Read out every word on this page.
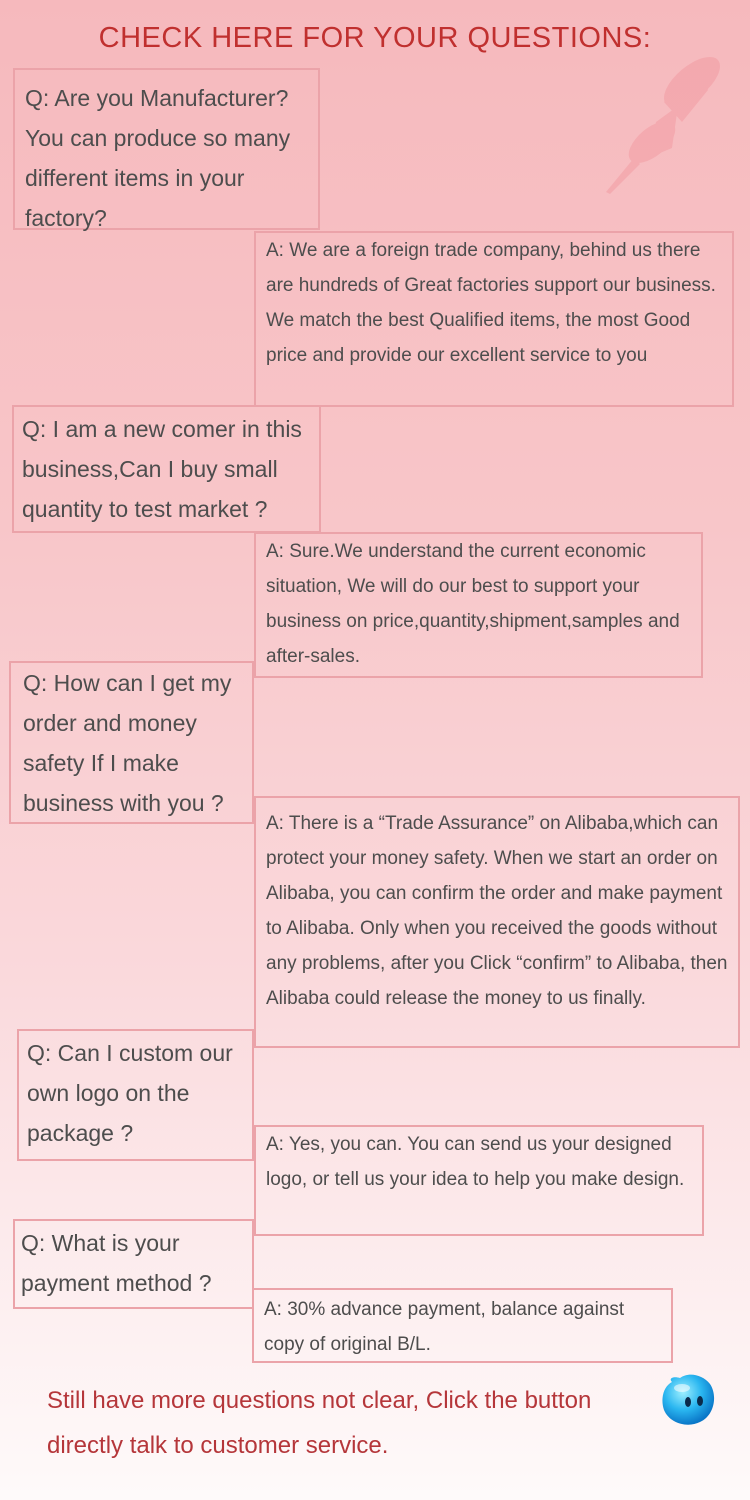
CHECK HERE FOR YOUR QUESTIONS:
Q: Are you Manufacturer? You can produce so many different items in your factory?
A: We are a foreign trade company, behind us there are hundreds of Great factories support our business. We match the best Qualified items, the most Good price and provide our excellent service to you
Q: I am a new comer in this business,Can I buy small quantity to test market ?
A: Sure.We understand the current economic situation, We will do our best to support your business on price,quantity,shipment,samples and after-sales.
Q: How can I get my order and money safety If I make business with you ?
A: There is a “Trade Assurance” on Alibaba,which can protect your money safety. When we start an order on Alibaba, you can confirm the order and make payment to Alibaba. Only when you received the goods without any problems, after you Click “confirm” to Alibaba, then Alibaba could release the money to us finally.
Q: Can I custom our own logo on the package ?	A: Yes, you can. You can send us your designed logo, or tell us your idea to help you make design.
Q: What is your payment method ?
A: 30% advance payment, balance against copy of original B/L.
Still have more questions not clear, Click the button directly talk to customer service.
